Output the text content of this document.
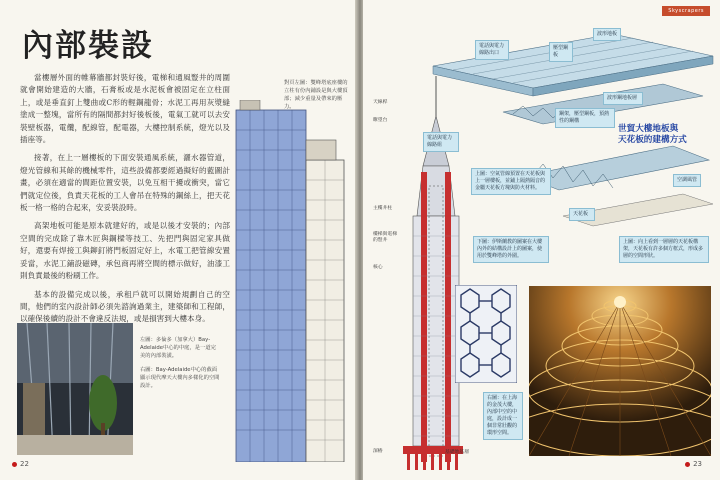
內部裝設

當樓層外面的帷幕牆都封裝好後，電梯和通風豎井的周圍就會開始建造的大牆，石膏板或是水泥板會被固定在立柱面上，或是垂直釘上雙曲或C形的輕鋼龍骨；水泥工再用灰漿縫塗成一整塊，當所有的隔間都封好後板後，電氣工就可以去安裝壁板器，電纜，配線管，配電器，大樓控制系統，燈光以及插座等。

接著，在上一層樓板的下面安裝通風系統，灑水器管道，燈光管線和其餘的機械零件，這些設備都要經過擬好的藍圖計畫，必須在適當的間距位置安裝，以免互相干擾或衝突，當它們就定位後，負責天花板的工人會吊在特殊的鋼絲上，把天花板一格一格的合起來，安妥裝設時。

高架地板可能是原本就建好的，或是以後才安裝的；內部空間的完成除了靠木匠與鋼樑等技工、先把門與固定家具做好，還要有焊接工與鉚釘將門板固定好上，水電工把管線安置妥當，水泥工鋪設磁磚，承包商再將空間的標示做好，油漆工則負責最後的粉刷工作。

基本的設備完成以後，承租戶就可以開始規劃自己的空間，他們的室內設計師必須先諮詢過業主，建築師和工程師，以確保後續的設計不會違反法規，或是損害到大樓本身。

對頁左圖：雙峰塔底座樓的立柱有份內鋪設是與大樓頂部；減少重量及帶來的壓力。

左圖：多倫多（加拿大）Bay-Adelaide中心的中庭，是一道完美的內部裝潢。

右圖：Bay-Adelaide中心的截面顯示現代摩天大樓內多樣化的空間設計。

22
Skyscrapers
天線桿
瞭望台
主樓井柱
樓梯與電梯的豎井
核心
深樁	基礎地基層
電話與電力線路出口
壓型鋼板
波形地板
波形鋼地板層
電話與電力線路組
鋼架，壓型鋼板，預熱性的鋼構
空調風管
天花板
世貿大樓地板與
天花板的建構方式
上圖：空氣管線預置在天花板與上一層樓板，並鋪上隔熱隔音的金屬天花板方塊與防火材料。
上圖：向上看到一層層的天花板構架，天花板有許多個方框式，形成多層的空間形狀。
下圖：伊斯蘭教的圖案在大樓內外的結構設計上的圖案，使用於雙峰塔的外圍。
右圖：在上海的金茂大樓，內部中空的中庭，設計成一個非常壯觀的環形空間。
23
